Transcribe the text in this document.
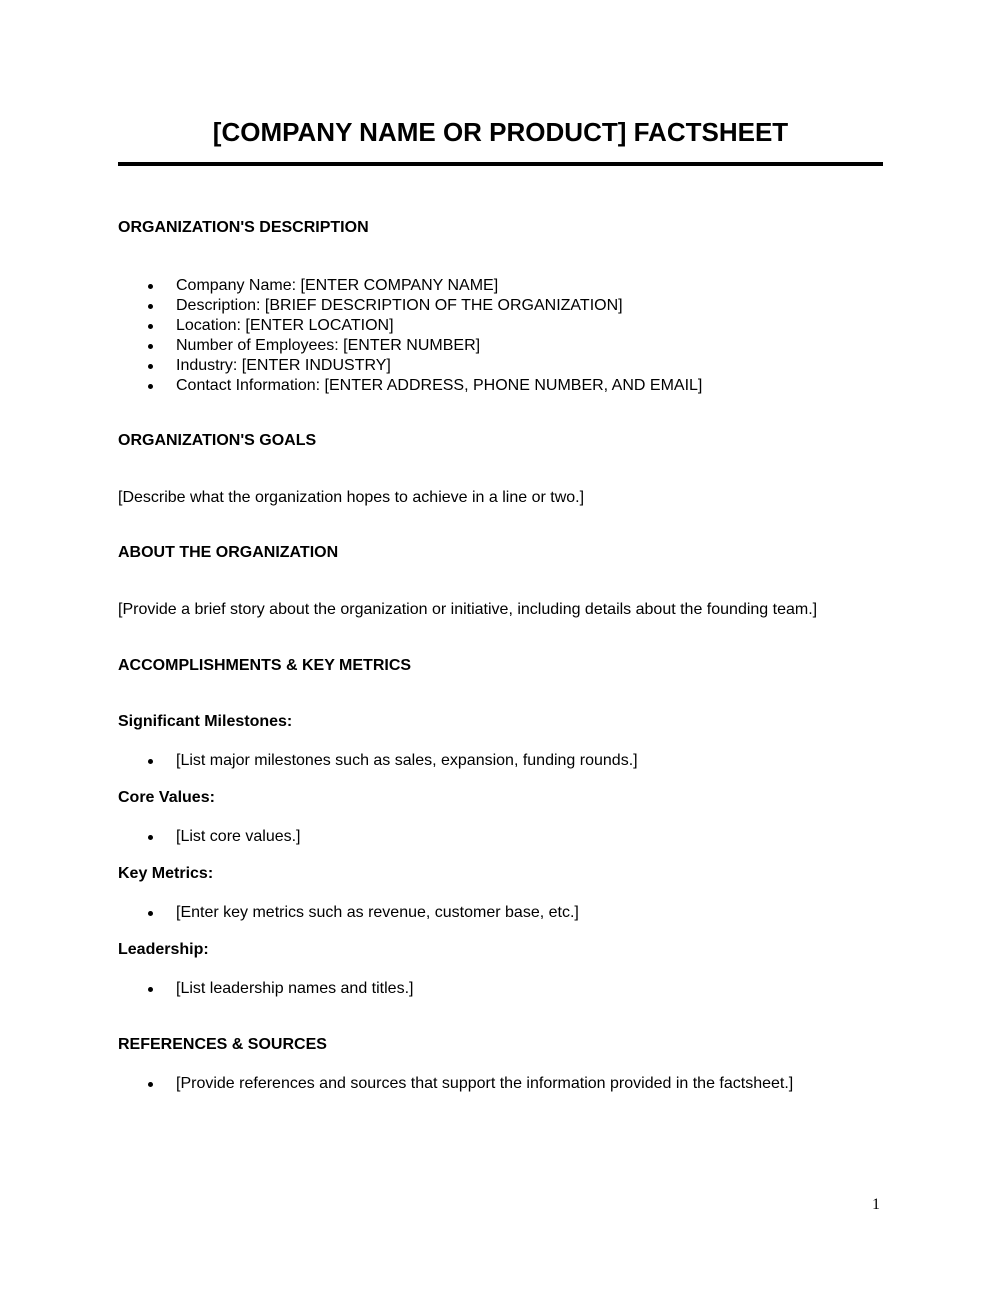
[COMPANY NAME OR PRODUCT] FACTSHEET
ORGANIZATION'S DESCRIPTION
Company Name: [ENTER COMPANY NAME]
Description: [BRIEF DESCRIPTION OF THE ORGANIZATION]
Location: [ENTER LOCATION]
Number of Employees: [ENTER NUMBER]
Industry: [ENTER INDUSTRY]
Contact Information: [ENTER ADDRESS, PHONE NUMBER, AND EMAIL]
ORGANIZATION'S GOALS
[Describe what the organization hopes to achieve in a line or two.]
ABOUT THE ORGANIZATION
[Provide a brief story about the organization or initiative, including details about the founding team.]
ACCOMPLISHMENTS & KEY METRICS
Significant Milestones:
[List major milestones such as sales, expansion, funding rounds.]
Core Values:
[List core values.]
Key Metrics:
[Enter key metrics such as revenue, customer base, etc.]
Leadership:
[List leadership names and titles.]
REFERENCES & SOURCES
[Provide references and sources that support the information provided in the factsheet.]
1
